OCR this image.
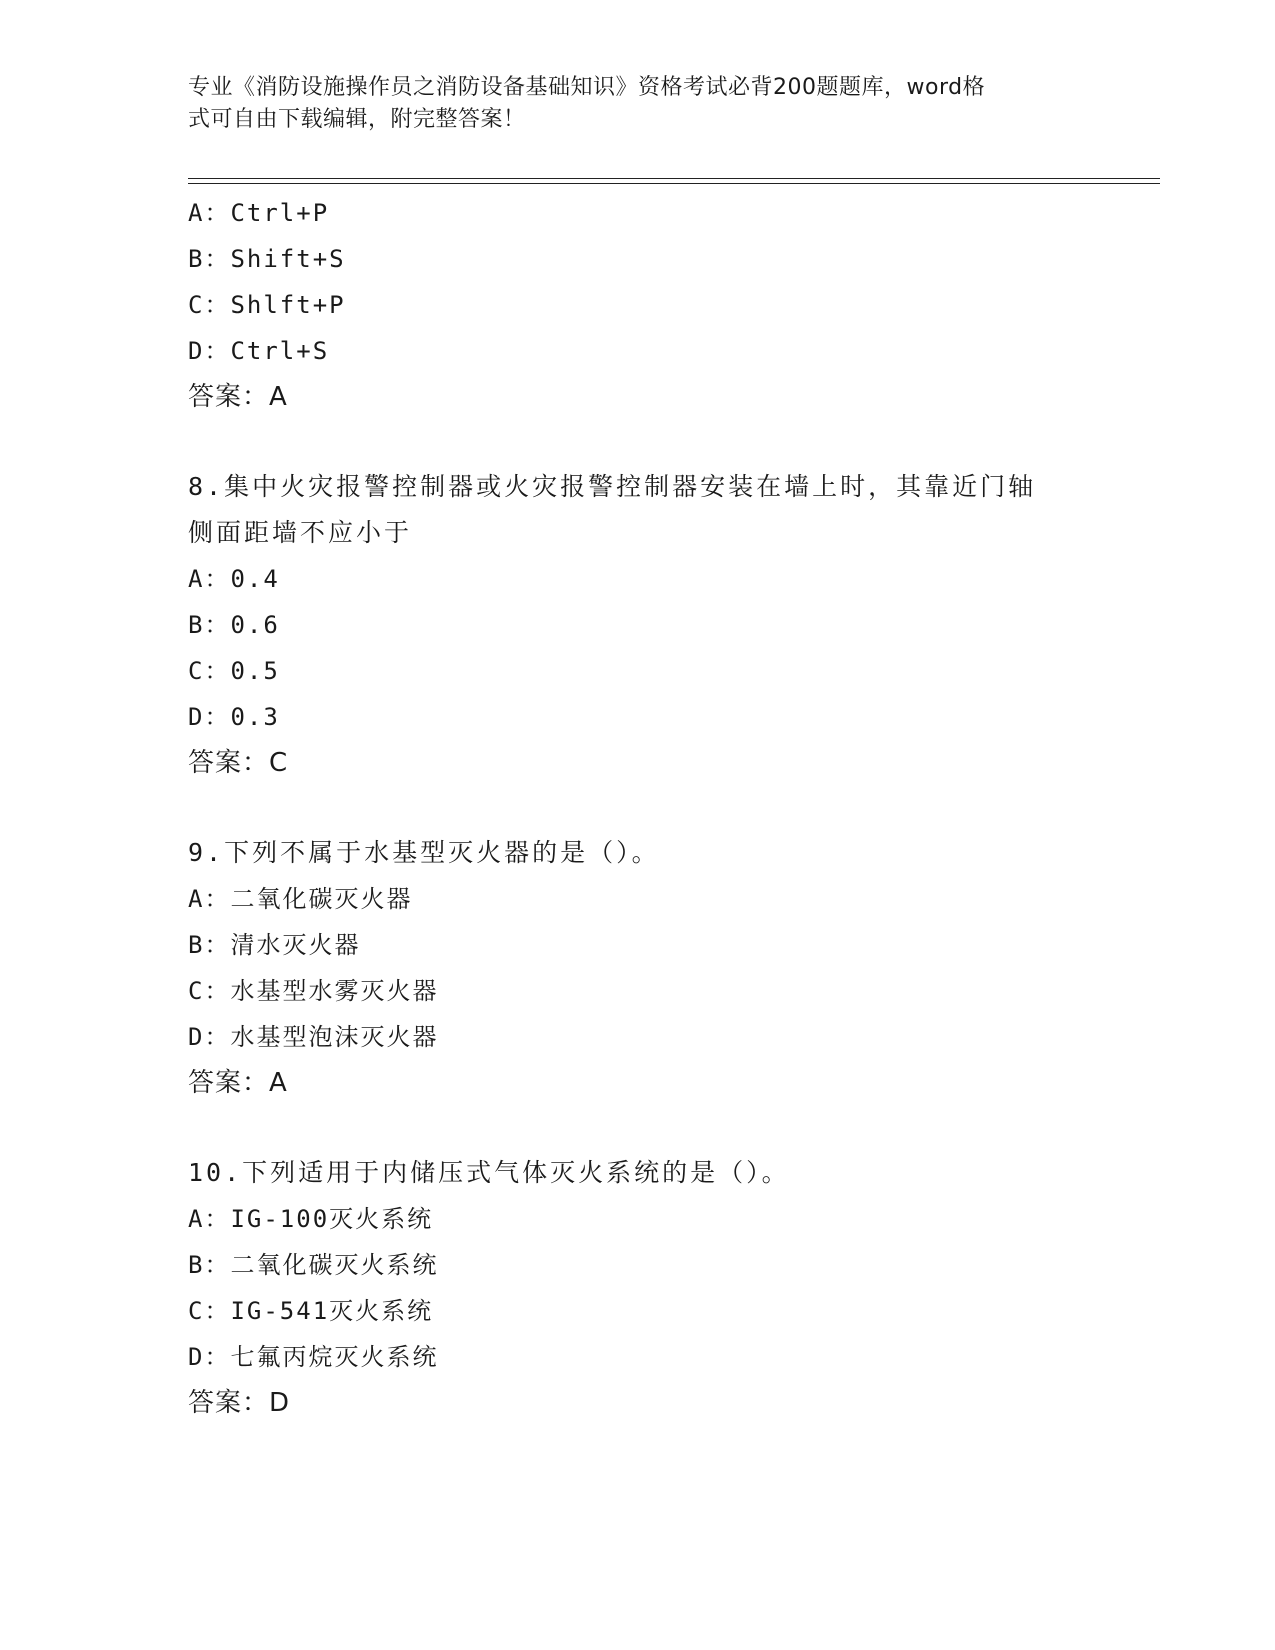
专业《消防设施操作员之消防设备基础知识》资格考试必背200题题库，word格
式可自由下载编辑，附完整答案！
A：Ctrl+P
B：Shift+S
C：Shlft+P
D：Ctrl+S
答案：A
8.集中火灾报警控制器或火灾报警控制器安装在墙上时，其靠近门轴
侧面距墙不应小于
A：0.4
B：0.6
C：0.5
D：0.3
答案：C
9.下列不属于水基型灭火器的是（）。
A：二氧化碳灭火器
B：清水灭火器
C：水基型水雾灭火器
D：水基型泡沫灭火器
答案：A
10.下列适用于内储压式气体灭火系统的是（）。
A：IG-100灭火系统
B：二氧化碳灭火系统
C：IG-541灭火系统
D：七氟丙烷灭火系统
答案：D
